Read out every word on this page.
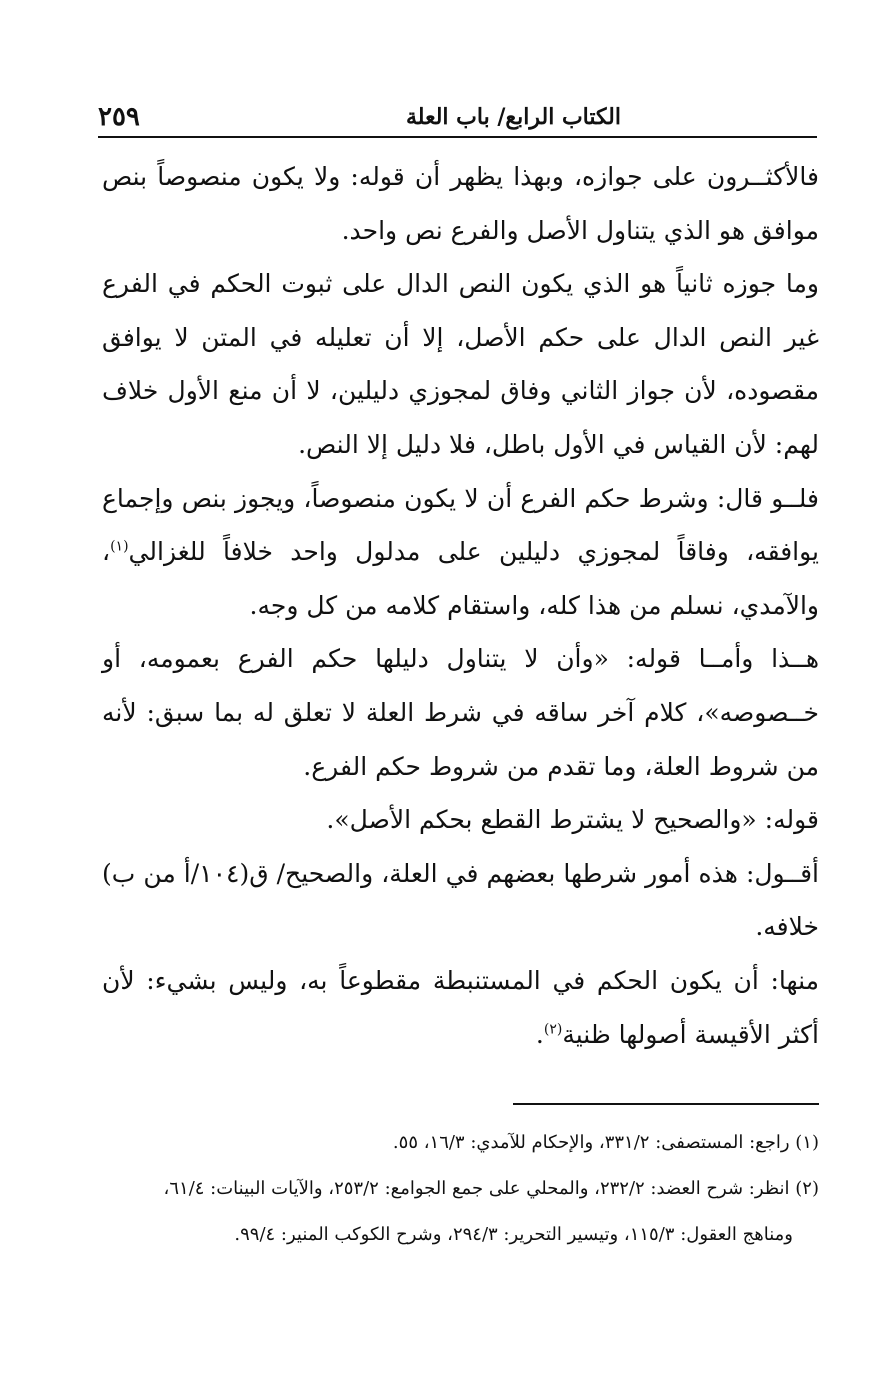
الكتاب الرابع/ باب العلة
٢٥٩

فالأكثــرون على جوازه، وبهذا يظهر أن قوله: ولا يكون منصوصاً بنص موافق هو الذي يتناول الأصل والفرع نص واحد.

وما جوزه ثانياً هو الذي يكون النص الدال على ثبوت الحكم في الفرع غير النص الدال على حكم الأصل، إلا أن تعليله في المتن لا يوافق مقصوده، لأن جواز الثاني وفاق لمجوزي دليلين، لا أن منع الأول خلاف لهم: لأن القياس في الأول باطل، فلا دليل إلا النص.

فلــو قال: وشرط حكم الفرع أن لا يكون منصوصاً، ويجوز بنص وإجماع يوافقه، وفاقاً لمجوزي دليلين على مدلول واحد خلافاً للغزالي$^{(١)}$، والآمدي، نسلم من هذا كله، واستقام كلامه من كل وجه.

هــذا وأمــا قوله: «وأن لا يتناول دليلها حكم الفرع بعمومه، أو خــصوصه»، كلام آخر ساقه في شرط العلة لا تعلق له بما سبق: لأنه من شروط العلة، وما تقدم من شروط حكم الفرع.

قوله: «والصحيح لا يشترط القطع بحكم الأصل».

أقــول: هذه أمور شرطها بعضهم في العلة، والصحيح/ ق(١٠٤/أ من ب) خلافه.

منها: أن يكون الحكم في المستنبطة مقطوعاً به، وليس بشيء: لأن أكثر الأقيسة أصولها ظنية$^{(٢)}$.

(١) راجع: المستصفى: ٣٣١/٢، والإحكام للآمدي: ١٦/٣، ٥٥.

(٢) انظر: شرح العضد: ٢٣٢/٢، والمحلي على جمع الجوامع: ٢٥٣/٢، والآيات البينات: ٦١/٤،

ومناهج العقول: ١١٥/٣، وتيسير التحرير: ٢٩٤/٣، وشرح الكوكب المنير: ٩٩/٤.
